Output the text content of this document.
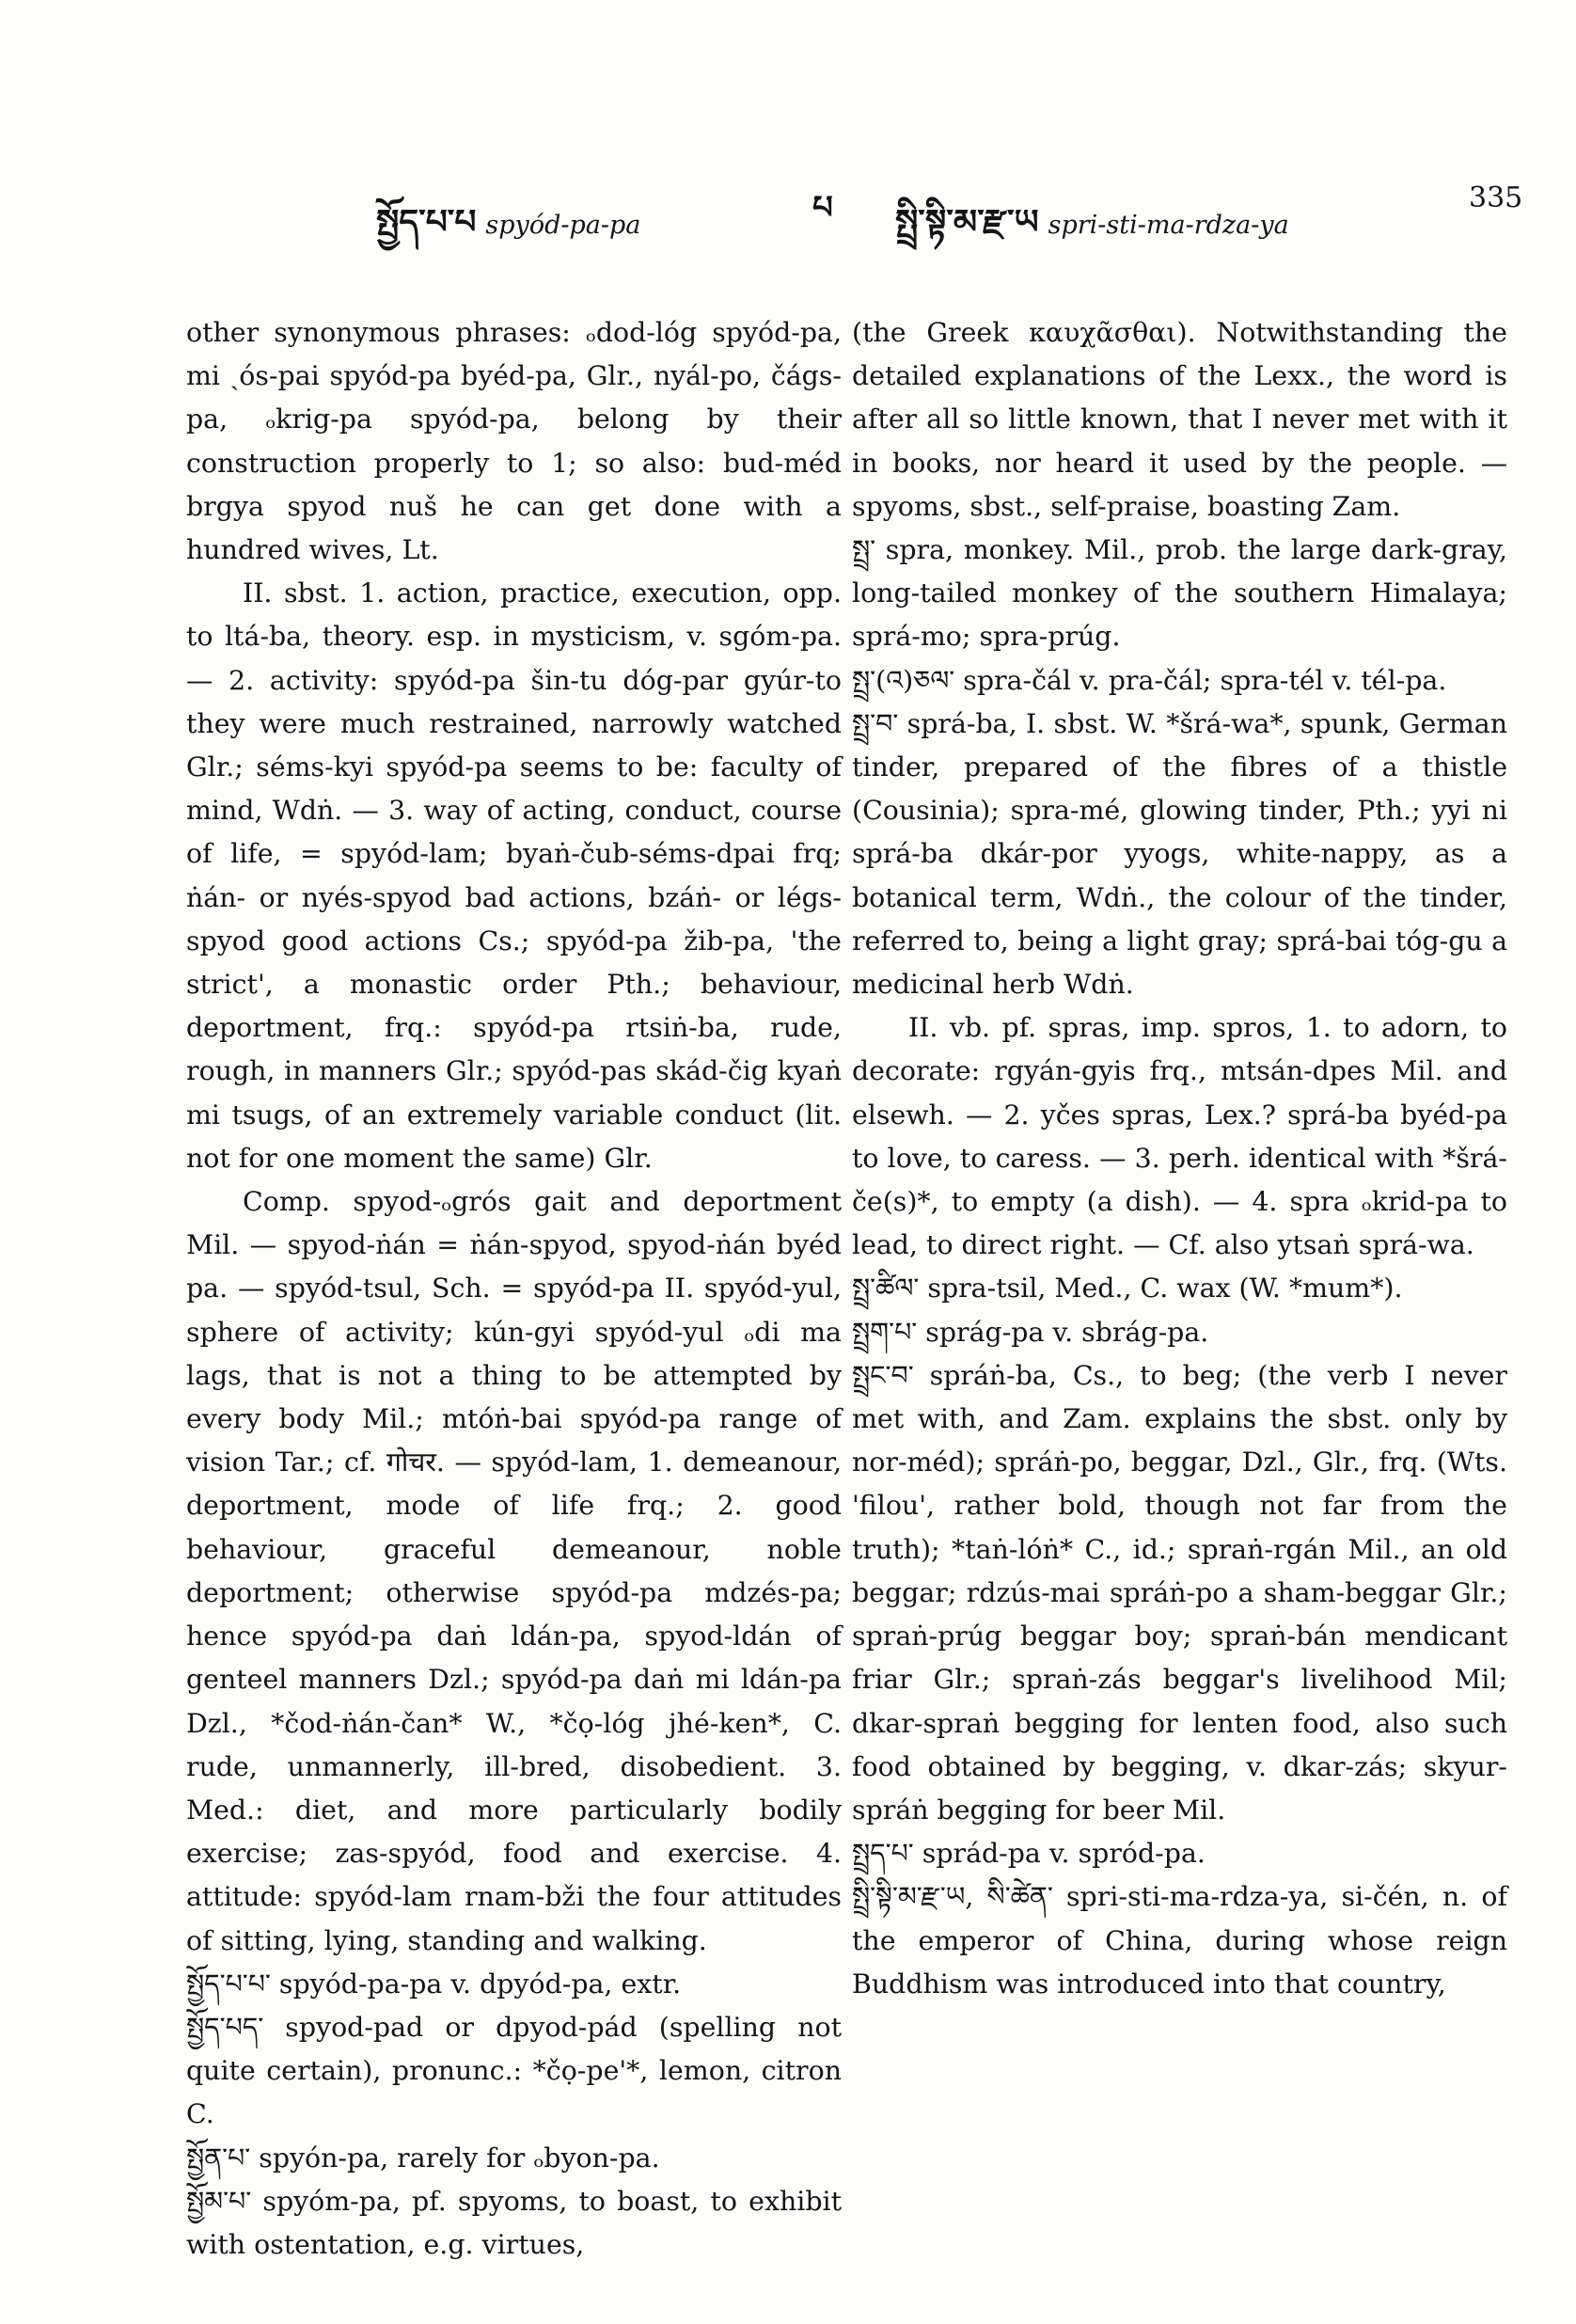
སྤྱོད་པ་པ spyód-pa-pa	པ སྤྲི་སྟི་མ་རྫ་ཡ spri-sti-ma-rdza-ya
335

other synonymous phrases: ₒdod-lóg spyód-pa, mi ˏós-pai spyód-pa byéd-pa, Glr., nyál-po, čágs-pa, ₒkrig-pa spyód-pa, belong by their construction properly to 1; so also: bud-méd brgya spyod nuš he can get done with a hundred wives, Lt.

II. sbst. 1. action, practice, execution, opp. to ltá-ba, theory. esp. in mysticism, v. sgóm-pa. — 2. activity: spyód-pa šin-tu dóg-par gyúr-to they were much restrained, narrowly watched Glr.; séms-kyi spyód-pa seems to be: faculty of mind, Wdṅ. — 3. way of acting, conduct, course of life, = spyód-lam; byaṅ-čub-séms-dpai frq; ṅán- or nyés-spyod bad actions, bzáṅ- or légs-spyod good actions Cs.; spyód-pa žib-pa, 'the strict', a monastic order Pth.; behaviour, deportment, frq.: spyód-pa rtsiṅ-ba, rude, rough, in manners Glr.; spyód-pas skád-čig kyaṅ mi tsugs, of an extremely variable conduct (lit. not for one moment the same) Glr.

Comp. spyod-ₒgrós gait and deportment Mil. — spyod-ṅán = ṅán-spyod, spyod-ṅán byéd pa. — spyód-tsul, Sch. = spyód-pa II. spyód-yul, sphere of activity; kún-gyi spyód-yul ₒdi ma lags, that is not a thing to be attempted by every body Mil.; mtóṅ-bai spyód-pa range of vision Tar.; cf. गोचर. — spyód-lam, 1. demeanour, deportment, mode of life frq.; 2. good behaviour, graceful demeanour, noble deportment; otherwise spyód-pa mdzés-pa; hence spyód-pa daṅ ldán-pa, spyod-ldán of genteel manners Dzl.; spyód-pa daṅ mi ldán-pa Dzl., *čod-ṅán-čan* W., *čọ-lóg jhé-ken*, C. rude, unmannerly, ill-bred, disobedient. 3. Med.: diet, and more particularly bodily exercise; zas-spyód, food and exercise. 4. attitude: spyód-lam rnam-bži the four attitudes of sitting, lying, standing and walking.

སྤྱོད་པ་པ་ spyód-pa-pa v. dpyód-pa, extr.

སྤྱོད་པད་ spyod-pad or dpyod-pád (spelling not quite certain), pronunc.: *čọ-pe'*, lemon, citron C.

སྤྱོན་པ་ spyón-pa, rarely for ₒbyon-pa.

སྤྱོམ་པ་ spyóm-pa, pf. spyoms, to boast, to exhibit with ostentation, e.g. virtues,

(the Greek καυχᾶσθαι). Notwithstanding the detailed explanations of the Lexx., the word is after all so little known, that I never met with it in books, nor heard it used by the people. — spyoms, sbst., self-praise, boasting Zam.

སྤྲ་ spra, monkey. Mil., prob. the large dark-gray, long-tailed monkey of the southern Himalaya; sprá-mo; spra-prúg.

སྤྲ་(འ)ཅལ་ spra-čál v. pra-čál; spra-tél v. tél-pa.

སྤྲ་བ་ sprá-ba, I. sbst. W. *šrá-wa*, spunk, German tinder, prepared of the fibres of a thistle (Cousinia); spra-mé, glowing tinder, Pth.; yyi ni sprá-ba dkár-por yyogs, white-nappy, as a botanical term, Wdṅ., the colour of the tinder, referred to, being a light gray; sprá-bai tóg-gu a medicinal herb Wdṅ.

II. vb. pf. spras, imp. spros, 1. to adorn, to decorate: rgyán-gyis frq., mtsán-dpes Mil. and elsewh. — 2. yčes spras, Lex.? sprá-ba byéd-pa to love, to caress. — 3. perh. identical with *šrá-če(s)*, to empty (a dish). — 4. spra ₒkrid-pa to lead, to direct right. — Cf. also ytsaṅ sprá-wa.

སྤྲ་ཚིལ་ spra-tsil, Med., C. wax (W. *mum*).

སྤྲག་པ་ sprág-pa v. sbrág-pa.

སྤྲང་བ་ spráṅ-ba, Cs., to beg; (the verb I never met with, and Zam. explains the sbst. only by nor-méd); spráṅ-po, beggar, Dzl., Glr., frq. (Wts. 'filou', rather bold, though not far from the truth); *taṅ-lóṅ* C., id.; spraṅ-rgán Mil., an old beggar; rdzús-mai spráṅ-po a sham-beggar Glr.; spraṅ-prúg beggar boy; spraṅ-bán mendicant friar Glr.; spraṅ-zás beggar's livelihood Mil; dkar-spraṅ begging for lenten food, also such food obtained by begging, v. dkar-zás; skyur-spráṅ begging for beer Mil.

སྤྲད་པ་ sprád-pa v. spród-pa.

སྤྲི་སྟི་མ་རྫ་ཡ, སི་ཚེན་ spri-sti-ma-rdza-ya, si-čén, n. of the emperor of China, during whose reign Buddhism was introduced into that country,
